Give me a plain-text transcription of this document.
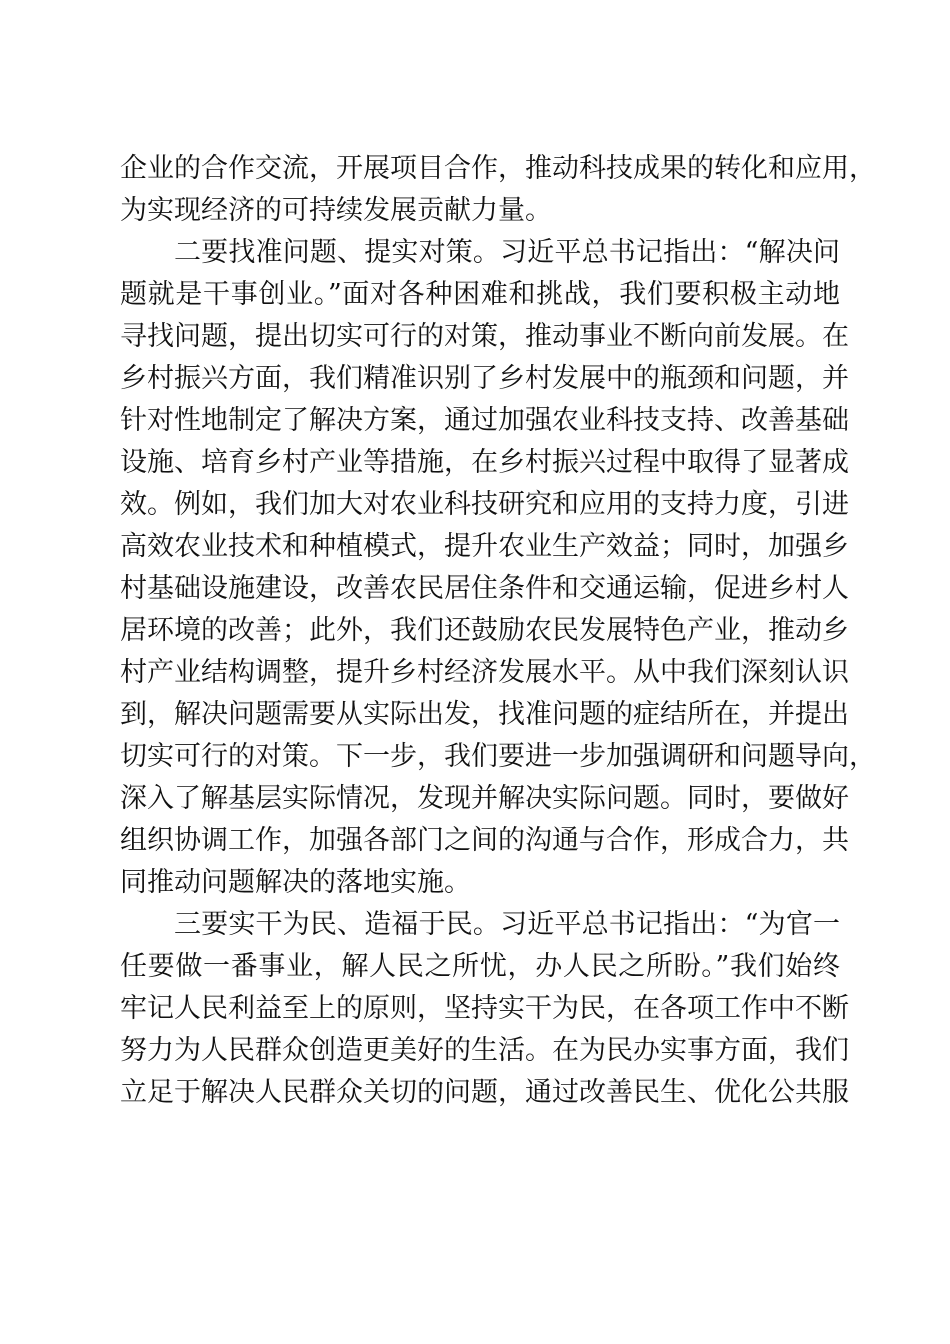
企业的合作交流，开展项目合作，推动科技成果的转化和应用，
为实现经济的可持续发展贡献力量。
二要找准问题、提实对策。习近平总书记指出：“解决问
题就是干事创业。”面对各种困难和挑战，我们要积极主动地
寻找问题，提出切实可行的对策，推动事业不断向前发展。在
乡村振兴方面，我们精准识别了乡村发展中的瓶颈和问题，并
针对性地制定了解决方案，通过加强农业科技支持、改善基础
设施、培育乡村产业等措施，在乡村振兴过程中取得了显著成
效。例如，我们加大对农业科技研究和应用的支持力度，引进
高效农业技术和种植模式，提升农业生产效益；同时，加强乡
村基础设施建设，改善农民居住条件和交通运输，促进乡村人
居环境的改善；此外，我们还鼓励农民发展特色产业，推动乡
村产业结构调整，提升乡村经济发展水平。从中我们深刻认识
到，解决问题需要从实际出发，找准问题的症结所在，并提出
切实可行的对策。下一步，我们要进一步加强调研和问题导向，
深入了解基层实际情况，发现并解决实际问题。同时，要做好
组织协调工作，加强各部门之间的沟通与合作，形成合力，共
同推动问题解决的落地实施。
三要实干为民、造福于民。习近平总书记指出：“为官一
任要做一番事业，解人民之所忧，办人民之所盼。”我们始终
牢记人民利益至上的原则，坚持实干为民，在各项工作中不断
努力为人民群众创造更美好的生活。在为民办实事方面，我们
立足于解决人民群众关切的问题，通过改善民生、优化公共服
